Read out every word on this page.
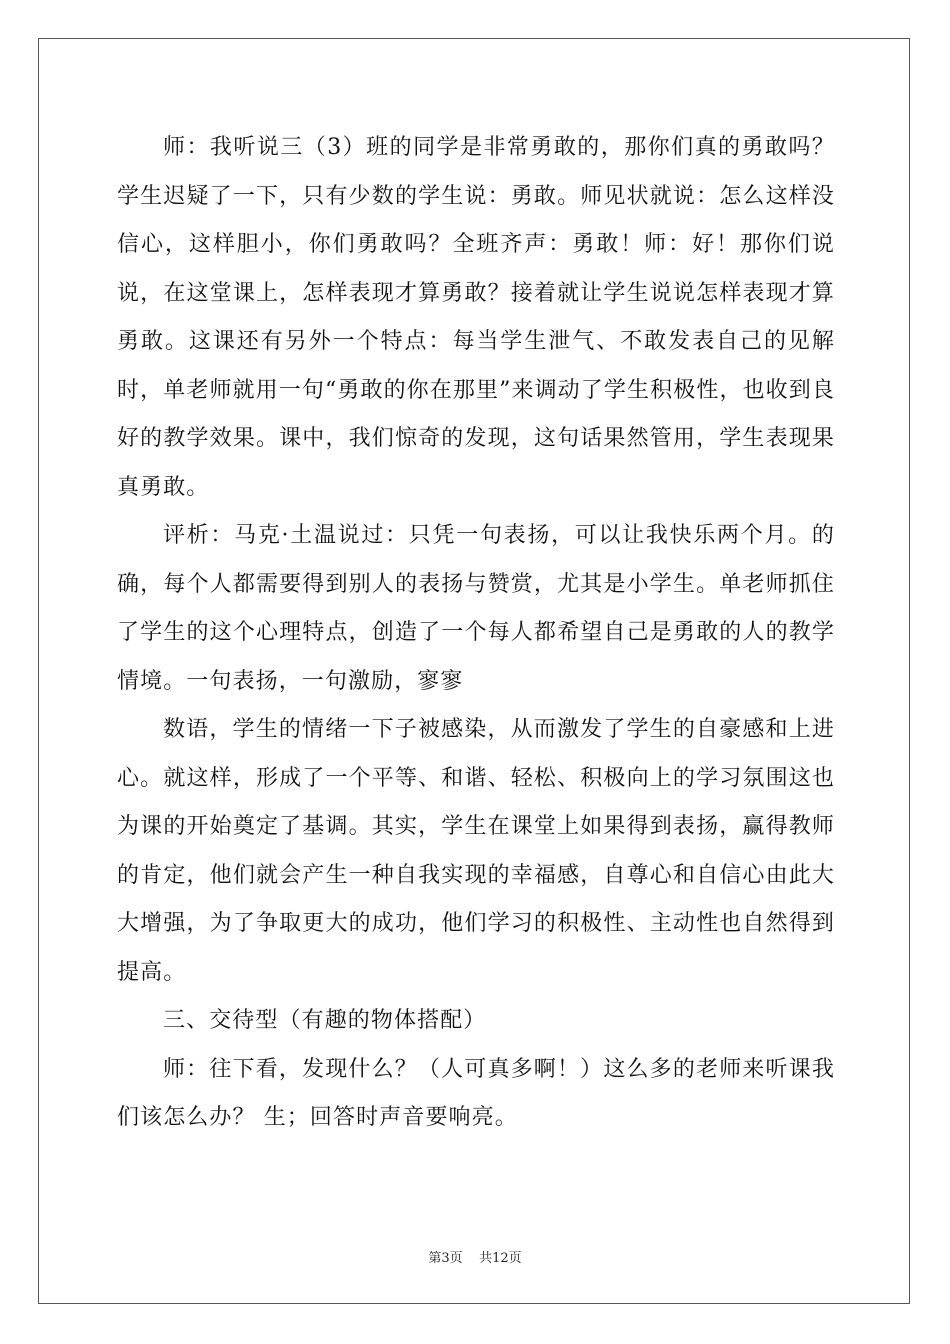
师：我听说三（3）班的同学是非常勇敢的，那你们真的勇敢吗？学生迟疑了一下，只有少数的学生说：勇敢。师见状就说：怎么这样没信心，这样胆小，你们勇敢吗？全班齐声：勇敢！师：好！那你们说说，在这堂课上，怎样表现才算勇敢？接着就让学生说说怎样表现才算勇敢。这课还有另外一个特点：每当学生泄气、不敢发表自己的见解时，单老师就用一句“勇敢的你在那里”来调动了学生积极性，也收到良好的教学效果。课中，我们惊奇的发现，这句话果然管用，学生表现果真勇敢。

评析：马克·土温说过：只凭一句表扬，可以让我快乐两个月。的确，每个人都需要得到别人的表扬与赞赏，尤其是小学生。单老师抓住了学生的这个心理特点，创造了一个每人都希望自己是勇敢的人的教学情境。一句表扬，一句激励，寥寥

数语，学生的情绪一下子被感染，从而激发了学生的自豪感和上进心。就这样，形成了一个平等、和谐、轻松、积极向上的学习氛围这也为课的开始奠定了基调。其实，学生在课堂上如果得到表扬，赢得教师的肯定，他们就会产生一种自我实现的幸福感，自尊心和自信心由此大大增强，为了争取更大的成功，他们学习的积极性、主动性也自然得到提高。

三、交待型（有趣的物体搭配）

师：往下看，发现什么？（人可真多啊！）这么多的老师来听课我们该怎么办？ 生；回答时声音要响亮。

第3页 共12页
